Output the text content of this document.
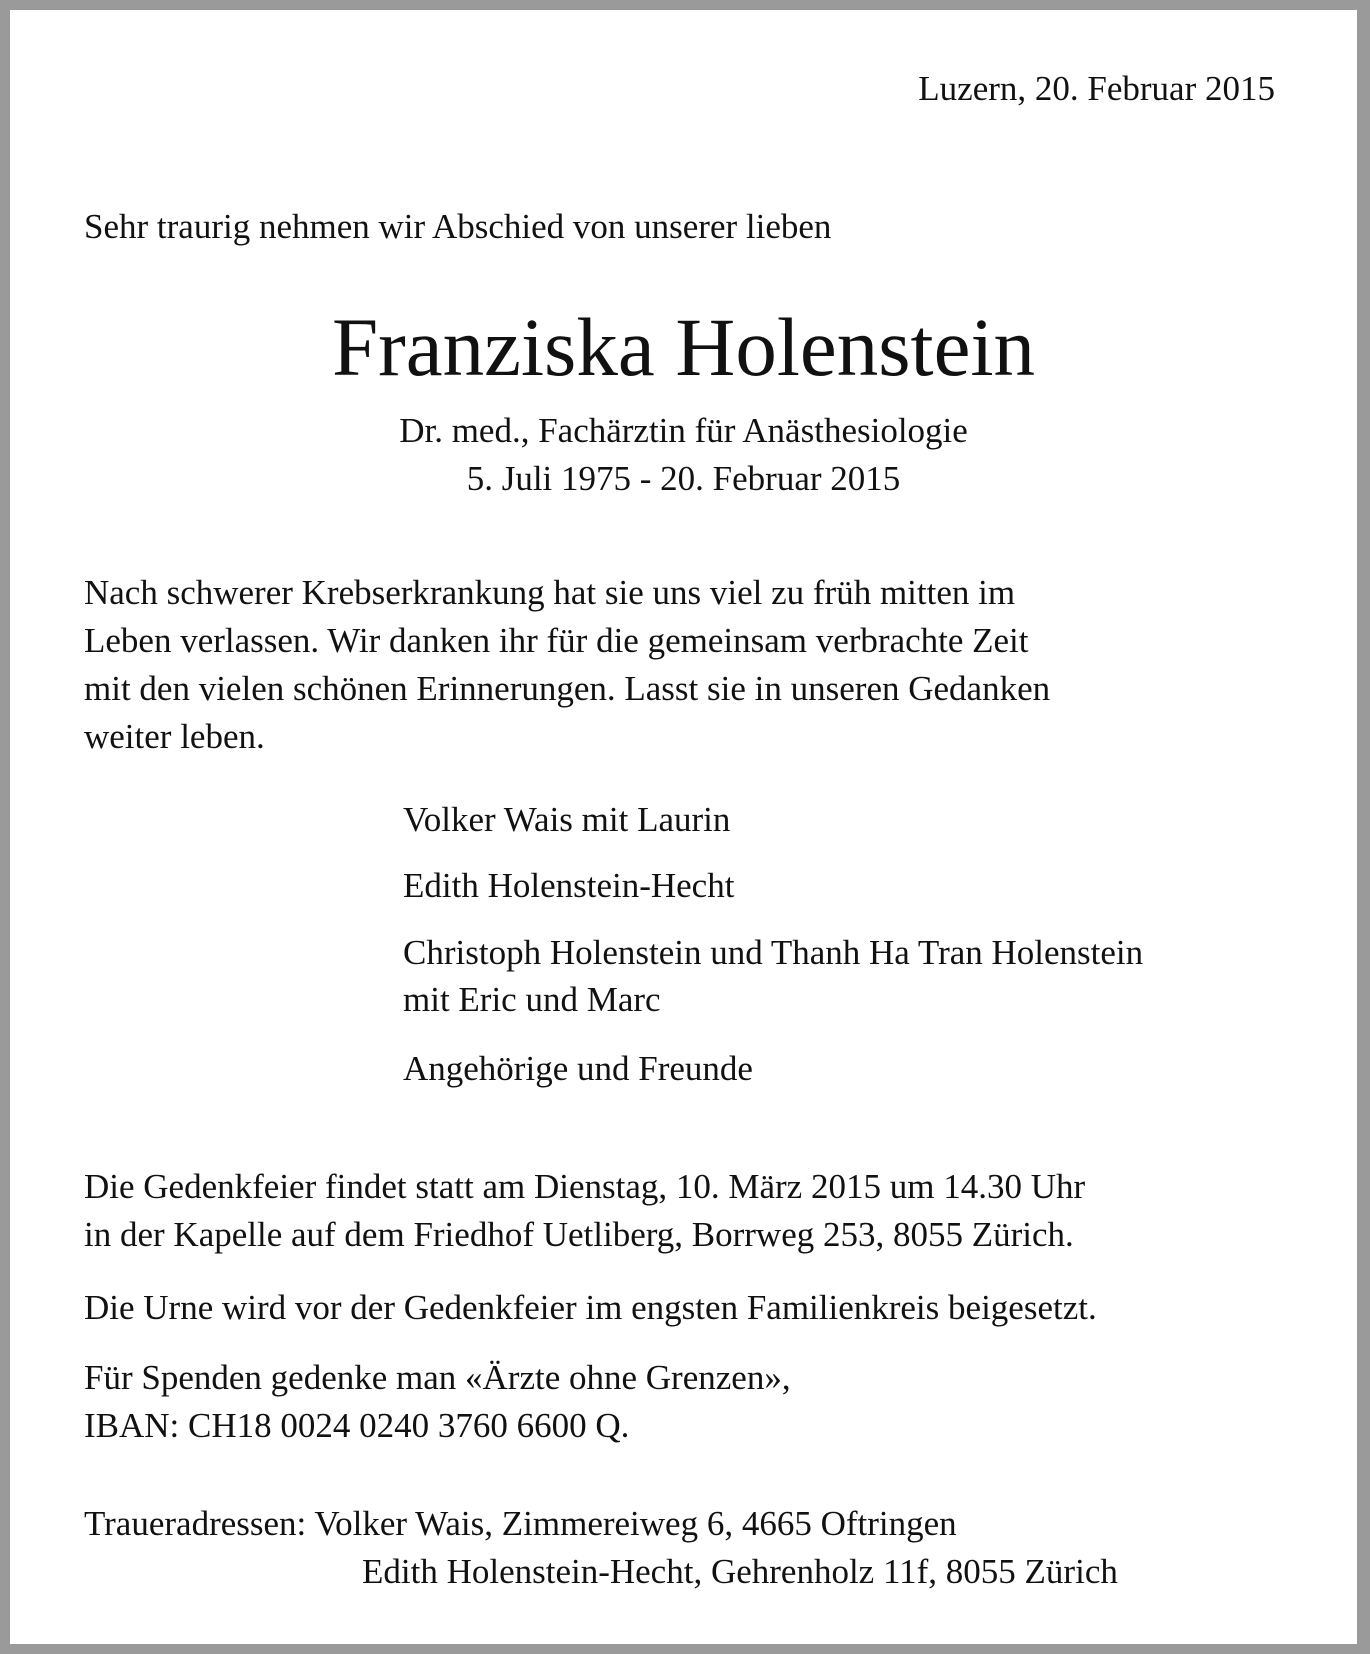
Luzern, 20. Februar 2015

Sehr traurig nehmen wir Abschied von unserer lieben

Franziska Holenstein

Dr. med., Fachärztin für Anästhesiologie

5. Juli 1975 - 20. Februar 2015

Nach schwerer Krebserkrankung hat sie uns viel zu früh mitten im
Leben verlassen. Wir danken ihr für die gemeinsam verbrachte Zeit
mit den vielen schönen Erinnerungen. Lasst sie in unseren Gedanken
weiter leben.
Volker Wais mit Laurin
Edith Holenstein-Hecht
Christoph Holenstein und Thanh Ha Tran Holenstein
mit Eric und Marc
Angehörige und Freunde
Die Gedenkfeier findet statt am Dienstag, 10. März 2015 um 14.30 Uhr
in der Kapelle auf dem Friedhof Uetliberg, Borrweg 253, 8055 Zürich.

Die Urne wird vor der Gedenkfeier im engsten Familienkreis beigesetzt.

Für Spenden gedenke man «Ärzte ohne Grenzen»,
IBAN: CH18 0024 0240 3760 6600 Q.

Traueradressen: Volker Wais, Zimmereiweg 6, 4665 Oftringen

Edith Holenstein-Hecht, Gehrenholz 11f, 8055 Zürich
